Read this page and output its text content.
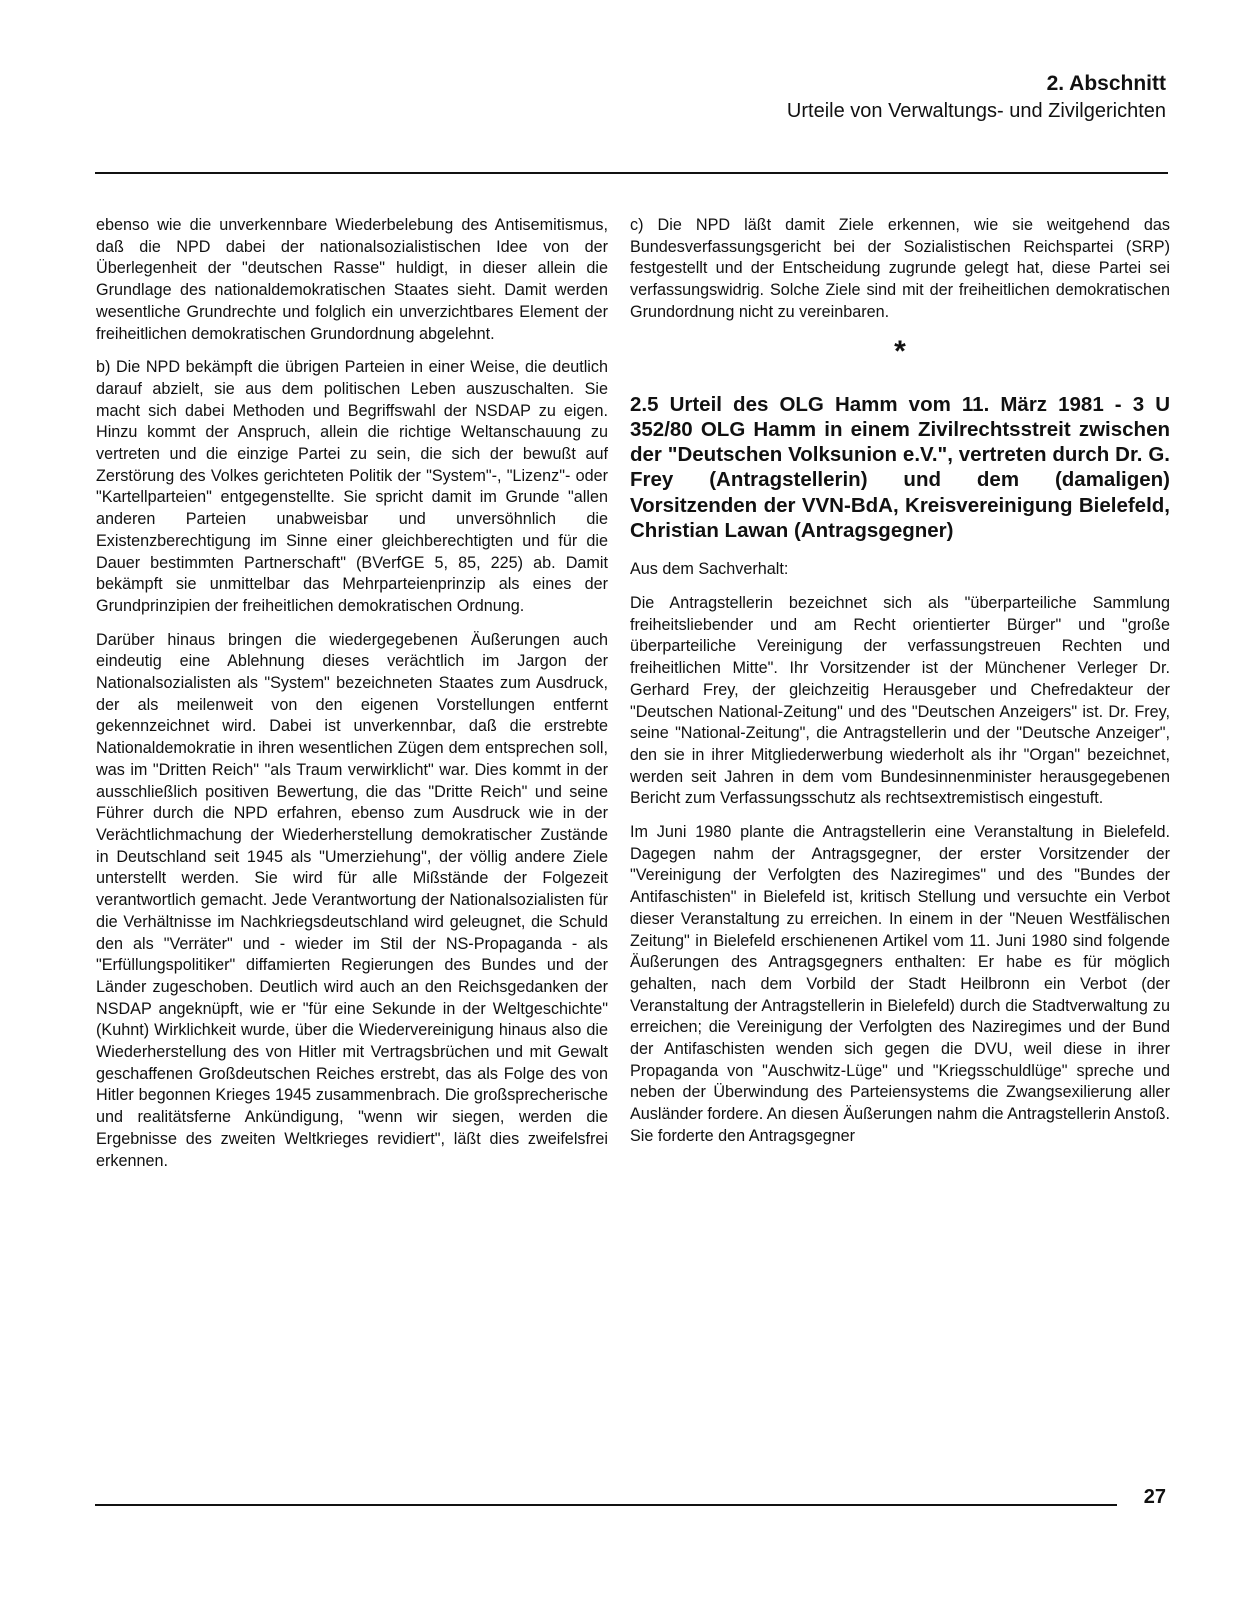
2. Abschnitt
Urteile von Verwaltungs- und Zivilgerichten

ebenso wie die unverkennbare Wiederbelebung des Antisemitismus, daß die NPD dabei der nationalsozialistischen Idee von der Überlegenheit der "deutschen Rasse" huldigt, in dieser allein die Grundlage des nationaldemokratischen Staates sieht. Damit werden wesentliche Grundrechte und folglich ein unverzichtbares Element der freiheitlichen demokratischen Grundordnung abgelehnt.

b) Die NPD bekämpft die übrigen Parteien in einer Weise, die deutlich darauf abzielt, sie aus dem politischen Leben auszuschalten. Sie macht sich dabei Methoden und Begriffswahl der NSDAP zu eigen. Hinzu kommt der Anspruch, allein die richtige Weltanschauung zu vertreten und die einzige Partei zu sein, die sich der bewußt auf Zerstörung des Volkes gerichteten Politik der "System"-, "Lizenz"- oder "Kartellparteien" entgegenstellte. Sie spricht damit im Grunde "allen anderen Parteien unabweisbar und unversöhnlich die Existenzberechtigung im Sinne einer gleichberechtigten und für die Dauer bestimmten Partnerschaft" (BVerfGE 5, 85, 225) ab. Damit bekämpft sie unmittelbar das Mehrparteienprinzip als eines der Grundprinzipien der freiheitlichen demokratischen Ordnung.

Darüber hinaus bringen die wiedergegebenen Äußerungen auch eindeutig eine Ablehnung dieses verächtlich im Jargon der Nationalsozialisten als "System" bezeichneten Staates zum Ausdruck, der als meilenweit von den eigenen Vorstellungen entfernt gekennzeichnet wird. Dabei ist unverkennbar, daß die erstrebte Nationaldemokratie in ihren wesentlichen Zügen dem entsprechen soll, was im "Dritten Reich" "als Traum verwirklicht" war. Dies kommt in der ausschließlich positiven Bewertung, die das "Dritte Reich" und seine Führer durch die NPD erfahren, ebenso zum Ausdruck wie in der Verächtlichmachung der Wiederherstellung demokratischer Zustände in Deutschland seit 1945 als "Umerziehung", der völlig andere Ziele unterstellt werden. Sie wird für alle Mißstände der Folgezeit verantwortlich gemacht. Jede Verantwortung der Nationalsozialisten für die Verhältnisse im Nachkriegsdeutschland wird geleugnet, die Schuld den als "Verräter" und - wieder im Stil der NS-Propaganda - als "Erfüllungspolitiker" diffamierten Regierungen des Bundes und der Länder zugeschoben. Deutlich wird auch an den Reichsgedanken der NSDAP angeknüpft, wie er "für eine Sekunde in der Weltgeschichte" (Kuhnt) Wirklichkeit wurde, über die Wiedervereinigung hinaus also die Wiederherstellung des von Hitler mit Vertragsbrüchen und mit Gewalt geschaffenen Großdeutschen Reiches erstrebt, das als Folge des von Hitler begonnen Krieges 1945 zusammenbrach. Die großsprecherische und realitätsferne Ankündigung, "wenn wir siegen, werden die Ergebnisse des zweiten Weltkrieges revidiert", läßt dies zweifelsfrei erkennen.

c) Die NPD läßt damit Ziele erkennen, wie sie weitgehend das Bundesverfassungsgericht bei der Sozialistischen Reichspartei (SRP) festgestellt und der Entscheidung zugrunde gelegt hat, diese Partei sei verfassungswidrig. Solche Ziele sind mit der freiheitlichen demokratischen Grundordnung nicht zu vereinbaren.

*
2.5 Urteil des OLG Hamm vom 11. März 1981 - 3 U 352/80 OLG Hamm in einem Zivilrechtsstreit zwischen der "Deutschen Volksunion e.V.", vertreten durch Dr. G. Frey (Antragstellerin) und dem (damaligen) Vorsitzenden der VVN-BdA, Kreisvereinigung Bielefeld, Christian Lawan (Antragsgegner)

Aus dem Sachverhalt:

Die Antragstellerin bezeichnet sich als "überparteiliche Sammlung freiheitsliebender und am Recht orientierter Bürger" und "große überparteiliche Vereinigung der verfassungstreuen Rechten und freiheitlichen Mitte". Ihr Vorsitzender ist der Münchener Verleger Dr. Gerhard Frey, der gleichzeitig Herausgeber und Chefredakteur der "Deutschen National-Zeitung" und des "Deutschen Anzeigers" ist. Dr. Frey, seine "National-Zeitung", die Antragstellerin und der "Deutsche Anzeiger", den sie in ihrer Mitgliederwerbung wiederholt als ihr "Organ" bezeichnet, werden seit Jahren in dem vom Bundesinnenminister herausgegebenen Bericht zum Verfassungsschutz als rechtsextremistisch eingestuft.

Im Juni 1980 plante die Antragstellerin eine Veranstaltung in Bielefeld. Dagegen nahm der Antragsgegner, der erster Vorsitzender der "Vereinigung der Verfolgten des Naziregimes" und des "Bundes der Antifaschisten" in Bielefeld ist, kritisch Stellung und versuchte ein Verbot dieser Veranstaltung zu erreichen. In einem in der "Neuen Westfälischen Zeitung" in Bielefeld erschienenen Artikel vom 11. Juni 1980 sind folgende Äußerungen des Antragsgegners enthalten: Er habe es für möglich gehalten, nach dem Vorbild der Stadt Heilbronn ein Verbot (der Veranstaltung der Antragstellerin in Bielefeld) durch die Stadtverwaltung zu erreichen; die Vereinigung der Verfolgten des Naziregimes und der Bund der Antifaschisten wenden sich gegen die DVU, weil diese in ihrer Propaganda von "Auschwitz-Lüge" und "Kriegsschuldlüge" spreche und neben der Überwindung des Parteiensystems die Zwangsexilierung aller Ausländer fordere. An diesen Äußerungen nahm die Antragstellerin Anstoß. Sie forderte den Antragsgegner

27
